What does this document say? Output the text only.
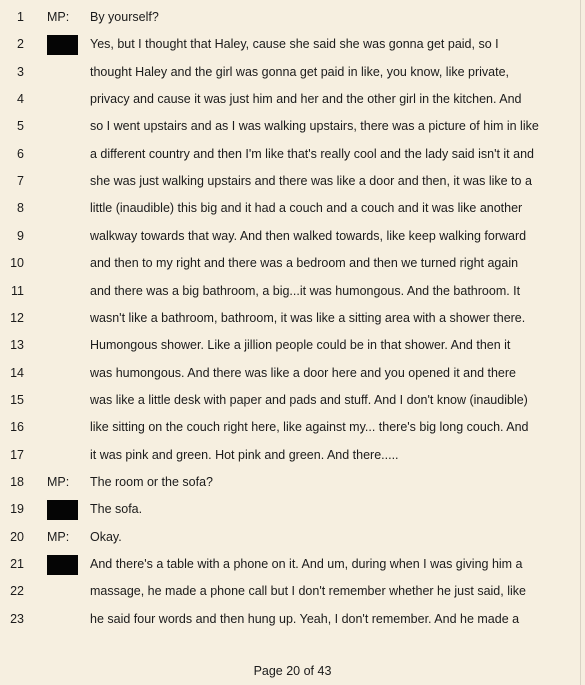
1 MP: By yourself?
2	Yes, but I thought that Haley, cause she said she was gonna get paid, so I
3	thought Haley and the girl was gonna get paid in like, you know, like private,
4	privacy and cause it was just him and her and the other girl in the kitchen. And
5	so I went upstairs and as I was walking upstairs, there was a picture of him in like
6	a different country and then I'm like that's really cool and the lady said isn't it and
7	she was just walking upstairs and there was like a door and then, it was like to a
8	little (inaudible) this big and it had a couch and a couch and it was like another
9	walkway towards that way. And then walked towards, like keep walking forward
10	and then to my right and there was a bedroom and then we turned right again
11	and there was a big bathroom, a big...it was humongous. And the bathroom. It
12	wasn't like a bathroom, bathroom, it was like a sitting area with a shower there.
13	Humongous shower. Like a jillion people could be in that shower. And then it
14	was humongous. And there was like a door here and you opened it and there
15	was like a little desk with paper and pads and stuff. And I don't know (inaudible)
16	like sitting on the couch right here, like against my... there's big long couch. And
17	it was pink and green. Hot pink and green. And there.....
18 MP: The room or the sofa?
19	The sofa.
20 MP: Okay.
21	And there's a table with a phone on it. And um, during when I was giving him a
22	massage, he made a phone call but I don't remember whether he just said, like
23	he said four words and then hung up. Yeah, I don't remember. And he made a
Page 20 of 43
